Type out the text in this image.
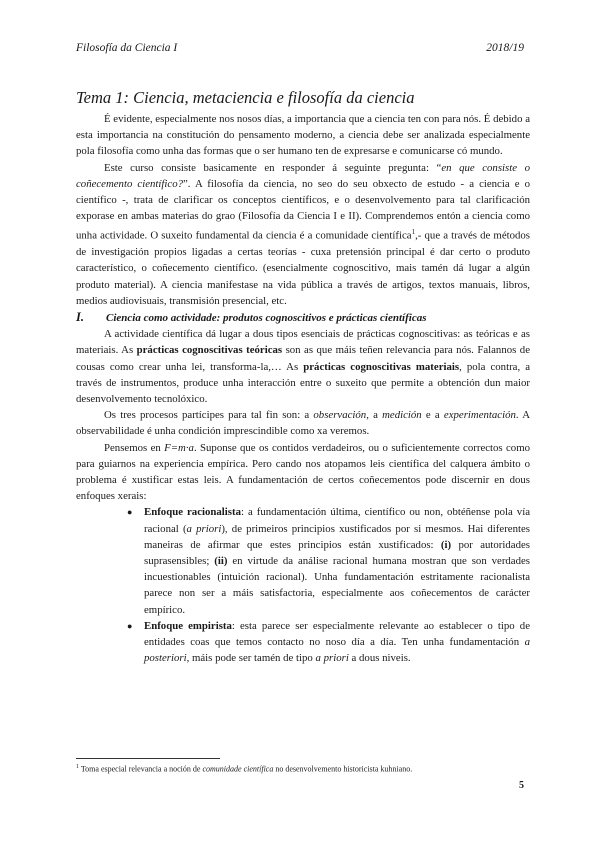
Filosofía da Ciencia I	2018/19
Tema 1: Ciencia, metaciencia e filosofía da ciencia

É evidente, especialmente nos nosos días, a importancia que a ciencia ten con para nós. É debido a esta importancia na constitución do pensamento moderno, a ciencia debe ser analizada especialmente pola filosofía como unha das formas que o ser humano ten de expresarse e comunicarse có mundo.

Este curso consiste basicamente en responder á seguinte pregunta: “en que consiste o coñecemento científico?”. A filosofía da ciencia, no seo do seu obxecto de estudo - a ciencia e o científico -, trata de clarificar os conceptos científicos, e o desenvolvemento para tal clarificación exporase en ambas materias do grao (Filosofía da Ciencia I e II). Comprendemos entón a ciencia como unha actividade. O suxeito fundamental da ciencia é a comunidade científica$^1$,- que a través de métodos de investigación propios ligadas a certas teorías - cuxa pretensión principal é dar certo o produto característico, o coñecemento científico. (esencialmente cognoscitivo, mais tamén dá lugar a algún produto material). A ciencia manifestase na vida pública a través de artigos, textos manuais, libros, medios audiovisuais, transmisión presencial, etc.

I. Ciencia como actividade: produtos cognoscitivos e prácticas científicas

A actividade científica dá lugar a dous tipos esenciais de prácticas cognoscitivas: as teóricas e as materiais. As prácticas cognoscitivas teóricas son as que máis teñen relevancia para nós. Falannos de cousas como crear unha lei, transforma-la,… As prácticas cognoscitivas materiais, pola contra, a través de instrumentos, produce unha interacción entre o suxeito que permite a obtención dun maior desenvolvemento tecnolóxico.

Os tres procesos partícipes para tal fin son: a observación, a medición e a experimentación. A observabilidade é unha condición imprescindible como xa veremos.

Pensemos en F=m·a. Suponse que os contidos verdadeiros, ou o suficientemente correctos como para guiarnos na experiencia empírica. Pero cando nos atopamos leis científica del calquera ámbito o problema é xustificar estas leis. A fundamentación de certos coñecementos pode discernir en dous enfoques xerais:

● Enfoque racionalista: a fundamentación última, científico ou non, obtéñense pola vía racional (a priori), de primeiros principios xustificados por si mesmos. Hai diferentes maneiras de afirmar que estes principios están xustificados: (i) por autoridades suprasensibles; (ii) en virtude da análise racional humana mostran que son verdades incuestionables (intuición racional). Unha fundamentación estritamente racionalista parece non ser a máis satisfactoria, especialmente aos coñecementos de carácter empírico.
● Enfoque empirista: esta parece ser especialmente relevante ao establecer o tipo de entidades coas que temos contacto no noso día a día. Ten unha fundamentación a posteriori, máis pode ser tamén de tipo a priori a dous niveis.
$^1$ Toma especial relevancia a noción de comunidade científica no desenvolvemento historicista kuhniano.
5
